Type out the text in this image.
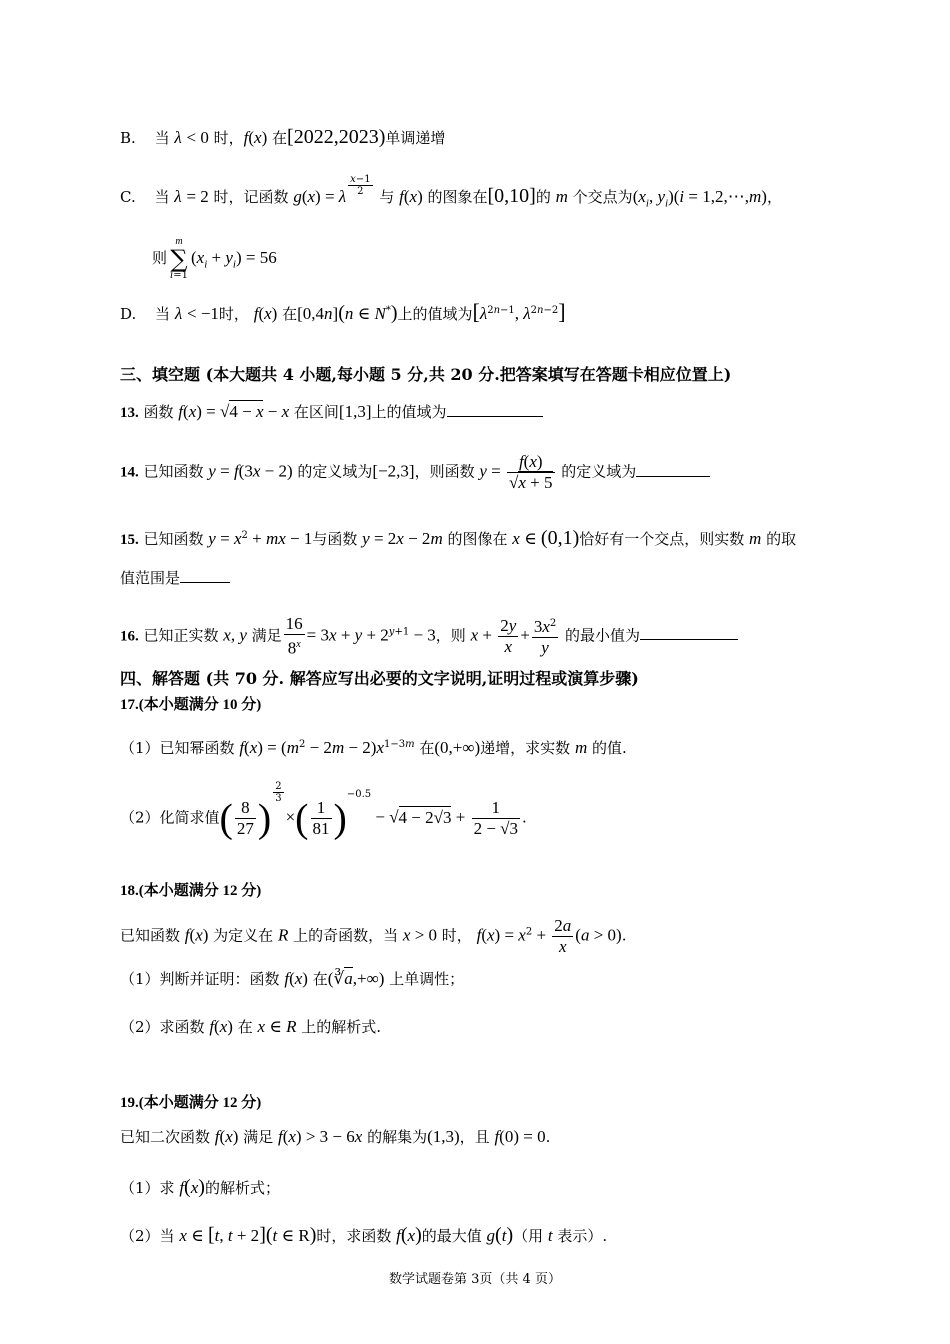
B. 当 λ < 0 时，f(x) 在[2022,2023)单调递增
C. 当 λ = 2 时，记函数 g(x) = λ $^{\frac{x-1}{2}}$ 与 f(x) 的图象在[0,10]的 m 个交点为($x_i$, $y_i)(i$ = 1,2,⋯,m)，
则
m
∑
i=1
$(x_i + y_i) = 56$
D. 当 λ < −1时， f(x) 在[0,4n](n ∈ N*)上的值域为[$\lambda^{2n-1}$, $\lambda^{2n-2}$]
三、填空题 (本大题共 4 小题,每小题 5 分,共 20 分.把答案填写在答题卡相应位置上)
13. 函数 f(x) = √4 − x − x 在区间[1,3]上的值域为
14. 已知函数 y = f(3x − 2) 的定义域为[−2,3]，则函数 $y = \frac{f(x)}{√x + 5}$ 的定义域为
15. 已知函数 $y = x^2$ + mx − 1与函数 y = 2x − 2m 的图像在 x ∈ (0,1)恰好有一个交点，则实数 m 的取
值范围是
16. 已知正实数 x, y 满足 $\frac{16}{8^x} = 3x + y + 2^{y+1} - 3$，则 $x + \frac{2y}{x} + \frac{3x^2}{y}$ 的最小值为
四、解答题 (共 70 分. 解答应写出必要的文字说明,证明过程或演算步骤)
17.(本小题满分 10 分)
（1）已知幂函数 $f(x) = (m^2 - 2m - 2)x^{1-3m}$ 在(0,+∞)递增，求实数 m 的值.
（2）化简求值( $\frac{8}{27}$ )
$^{\frac{2}{3}}$
×( $\frac{1}{81} )^{-0.5} - √4 - 2√3 + \frac{1}{2 - √3}$ .
18.(本小题满分 12 分)
已知函数 f(x) 为定义在 R 上的奇函数，当 x > 0 时， $f(x) = x^2 + \frac{2a}{x} (a > 0)$.
（1）判断并证明：函数 f(x) 在(∛a,+∞) 上单调性；
（2）求函数 f(x) 在 x ∈ R 上的解析式.
19.(本小题满分 12 分)
已知二次函数 f(x) 满足 f(x) > 3 − 6x 的解集为(1,3)，且 f(0) = 0.
（1）求 f(x)的解析式；
（2）当 x ∈ [t, t + 2](t ∈ R)时，求函数 f(x)的最大值 g(t)（用 t 表示）.
数学试题卷第 3页（共 4 页）
